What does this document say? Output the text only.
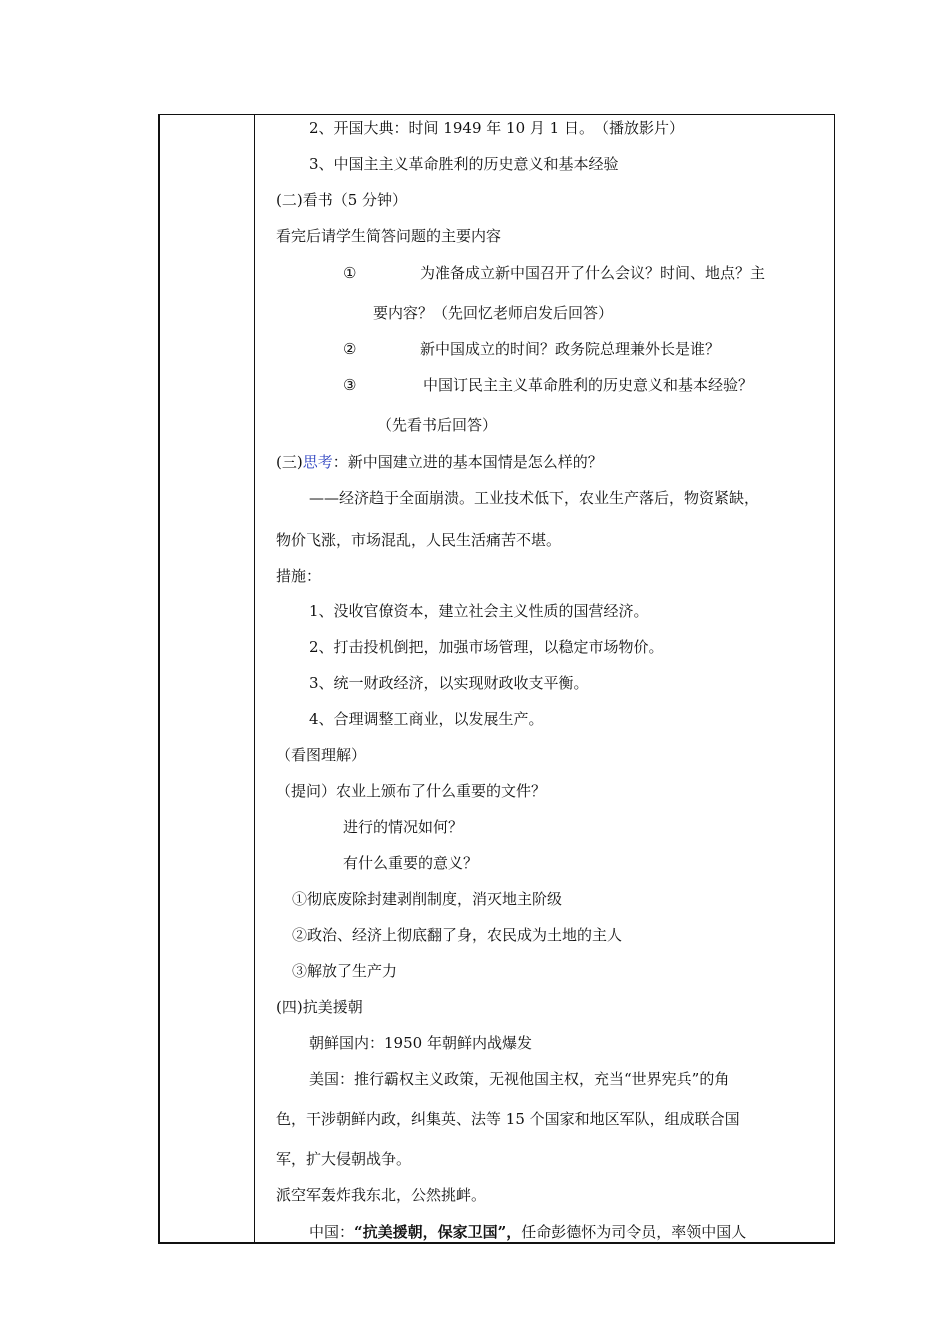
2、开国大典：时间 1949 年 10 月 1 日。　（播放影片）
3、中国主主义革命胜利的历史意义和基本经验
(二)看书（5 分钟）
看完后请学生简答问题的主要内容
①	为准备成立新中国召开了什么会议？时间、地点？主
要内容？（先回忆老师启发后回答）
②	新中国成立的时间？政务院总理兼外长是谁？
③	中国订民主主义革命胜利的历史意义和基本经验？
（先看书后回答）
(三)思考：新中国建立进的基本国情是怎么样的？
——经济趋于全面崩溃。工业技术低下，农业生产落后，物资紧缺，
物价飞涨，市场混乱，人民生活痛苦不堪。
措施：
1、没收官僚资本，建立社会主义性质的国营经济。
2、打击投机倒把，加强市场管理，以稳定市场物价。
3、统一财政经济，以实现财政收支平衡。
4、合理调整工商业，以发展生产。
（看图理解）
（提问）农业上颁布了什么重要的文件？
进行的情况如何？
有什么重要的意义？
①彻底废除封建剥削制度，消灭地主阶级
②政治、经济上彻底翻了身，农民成为土地的主人
③解放了生产力
(四)抗美援朝
朝鲜国内：1950 年朝鲜内战爆发
美国：推行霸权主义政策，无视他国主权，充当“世界宪兵”的角
色，干涉朝鲜内政，纠集英、法等 15 个国家和地区军队，组成联合国
军，扩大侵朝战争。
派空军轰炸我东北，公然挑衅。
中国：“抗美援朝，保家卫国”，任命彭德怀为司令员，率领中国人
